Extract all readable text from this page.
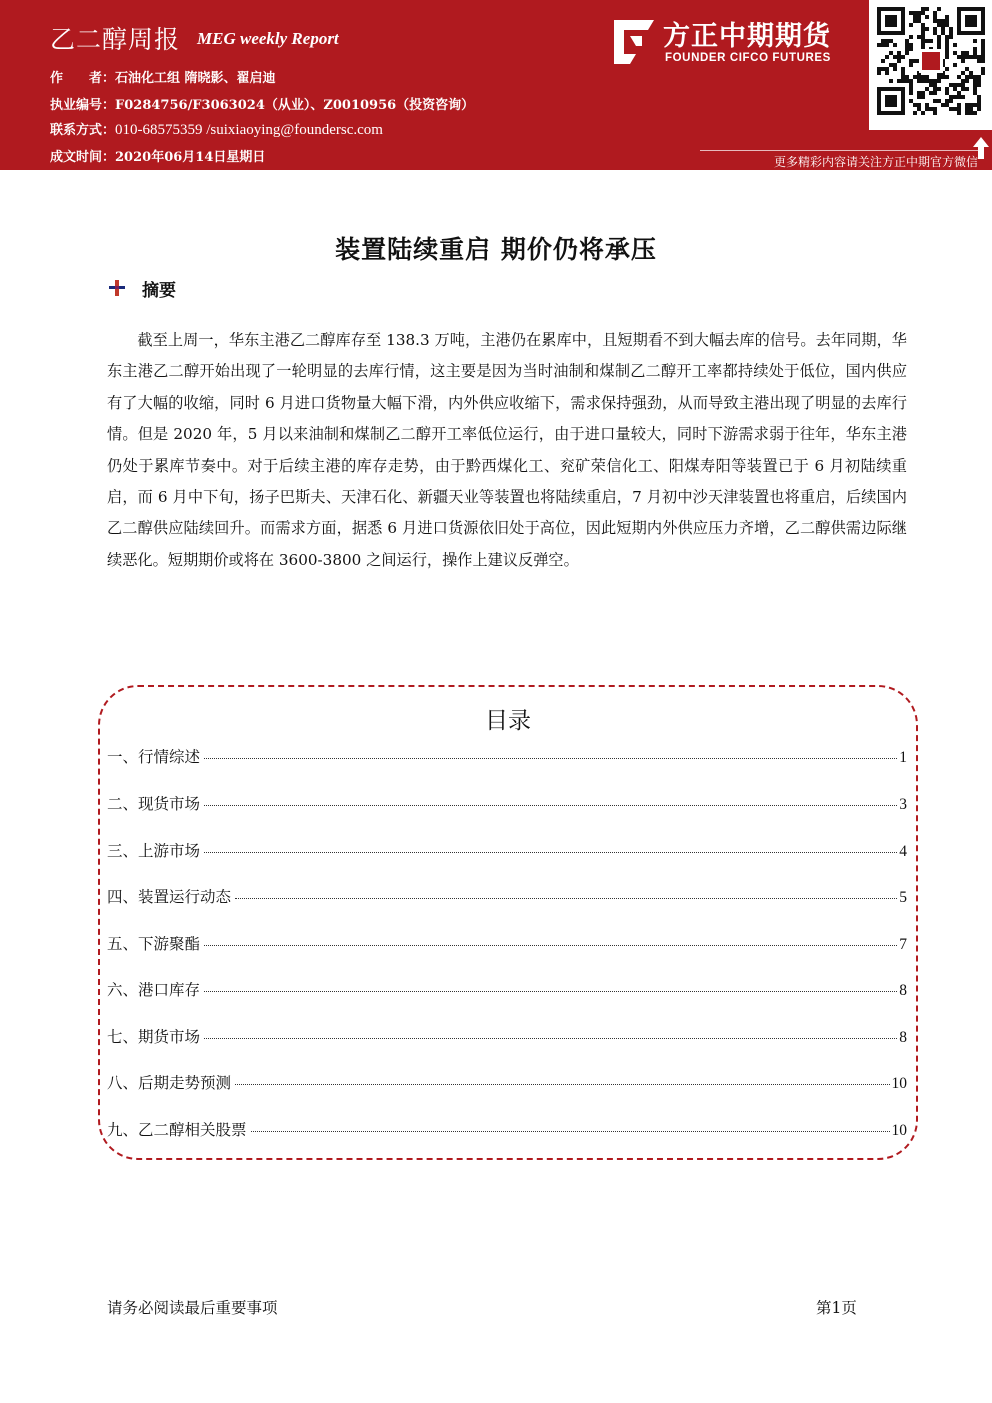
乙二醇周报 MEG weekly Report
作　　者：石油化工组 隋晓影、翟启迪
执业编号：F0284756/F3063024（从业）、Z0010956（投资咨询）
联系方式：010-68575359 /suixiaoying@foundersc.com
成文时间：2020年06月14日星期日
方正中期期货
FOUNDER CIFCO FUTURES
更多精彩内容请关注方正中期官方微信
装置陆续重启 期价仍将承压
摘要
截至上周一，华东主港乙二醇库存至 138.3 万吨，主港仍在累库中，且短期看不到大幅去库的信号。去年同期，华东主港乙二醇开始出现了一轮明显的去库行情，这主要是因为当时油制和煤制乙二醇开工率都持续处于低位，国内供应有了大幅的收缩，同时 6 月进口货物量大幅下滑，内外供应收缩下，需求保持强劲，从而导致主港出现了明显的去库行情。但是 2020 年，5 月以来油制和煤制乙二醇开工率低位运行，由于进口量较大，同时下游需求弱于往年，华东主港仍处于累库节奏中。对于后续主港的库存走势，由于黔西煤化工、兖矿荣信化工、阳煤寿阳等装置已于 6 月初陆续重启，而 6 月中下旬，扬子巴斯夫、天津石化、新疆天业等装置也将陆续重启，7 月初中沙天津装置也将重启，后续国内乙二醇供应陆续回升。而需求方面，据悉 6 月进口货源依旧处于高位，因此短期内外供应压力齐增，乙二醇供需边际继续恶化。短期期价或将在 3600-3800 之间运行，操作上建议反弹空。
目录
一、行情综述	1
二、现货市场	3
三、上游市场	4
四、装置运行动态	5
五、下游聚酯	7
六、港口库存	8
七、期货市场	8
八、后期走势预测	10
九、乙二醇相关股票	10
请务必阅读最后重要事项	第1页
